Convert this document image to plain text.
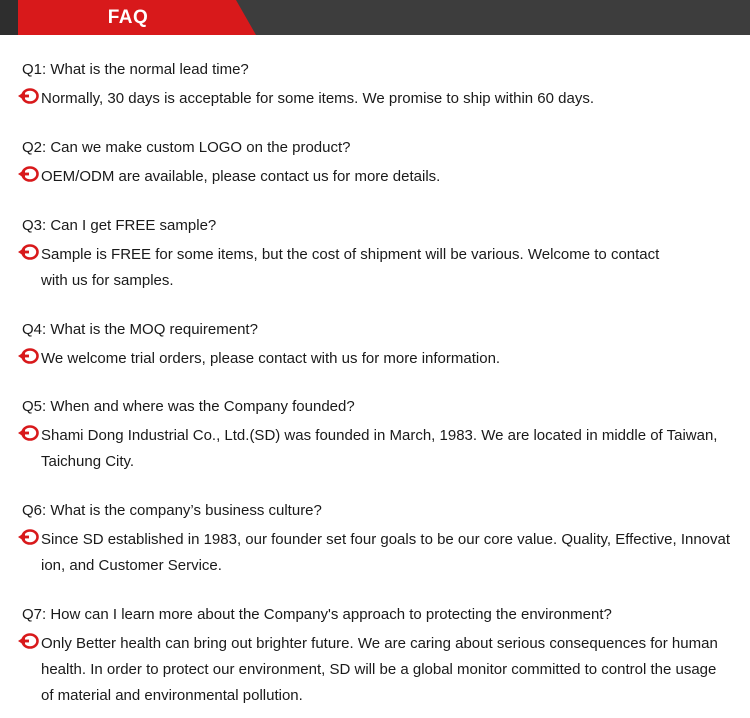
FAQ
Q1: What is the normal lead time?
Normally, 30 days is acceptable for some items. We promise to ship within 60 days.
Q2: Can we make custom LOGO on the product?
OEM/ODM are available, please contact us for more details.
Q3: Can I get FREE sample?
Sample is FREE for some items, but the cost of shipment will be various. Welcome to contact with us for samples.
Q4: What is the MOQ requirement?
We welcome trial orders, please contact with us for more information.
Q5: When and where was the Company founded?
Shami Dong Industrial Co., Ltd.(SD) was founded in March, 1983. We are located in middle of Taiwan, Taichung City.
Q6: What is the company’s business culture?
Since SD established in 1983, our founder set four goals to be our core value. Quality, Effective, Innovation, and Customer Service.
Q7: How can I learn more about the Company's approach to protecting the environment?
Only Better health can bring out brighter future. We are caring about serious consequences for human health. In order to protect our environment, SD will be a global monitor committed to control the usage of material and environmental pollution.
